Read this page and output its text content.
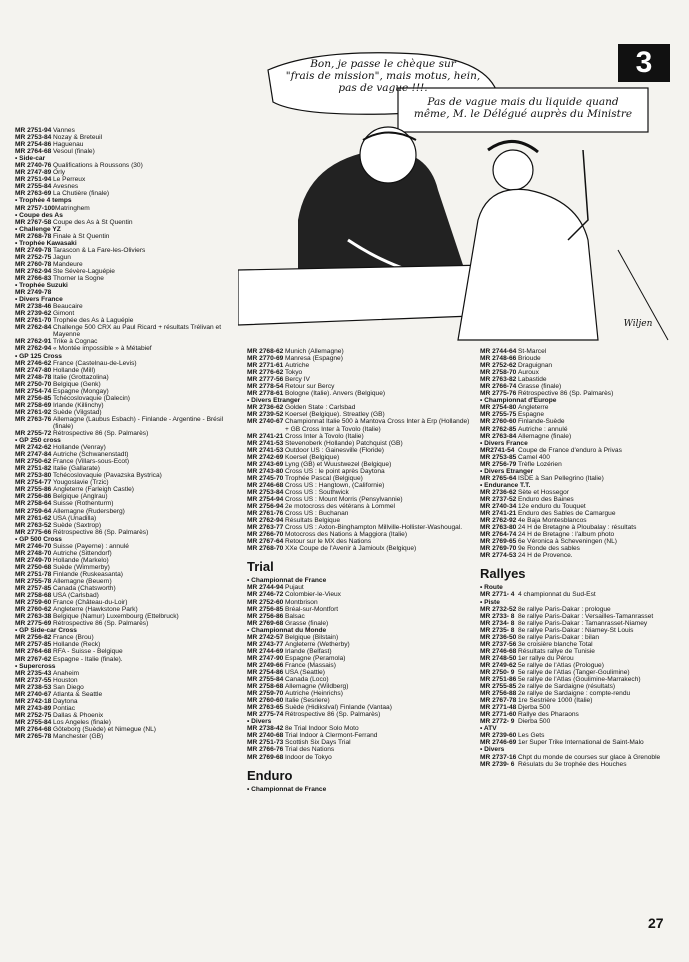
Bon, je passe le chèque sur
"frais de mission", mais motus, hein,
pas de vague !!!.
Pas de vague mais du liquide quand
même, M. le Délégué auprès du Ministre
Wiljen
3
MR 2751-94 Vannes
MR 2753-84 Nozay & Breteuil
MR 2754-86 Haguenau
MR 2764-68 Vesoul (finale)
• Side-car
MR 2740-76 Qualifications à Roussons (30)
MR 2747-89 Orly
MR 2751-94 Le Perreux
MR 2755-84 Avesnes
MR 2763-69 La Chutière (finale)
• Trophée 4 temps
MR 2757-100Matringhem
• Coupe des As
MR 2767-58 Coupe des As à St Quentin
• Challenge YZ
MR 2768-78 Finale à St Quentin
• Trophée Kawasaki
MR 2749-78 Tarascon & La Fare-les-Oliviers
MR 2752-75 Jagun
MR 2760-78 Mandeure
MR 2762-94 Ste Sévère-Laguépie
MR 2766-83 Thorner la Sogne
• Trophée Suzuki
MR 2749-78
• Divers France
MR 2738-46 Beaucaire
MR 2739-62 Gimont
MR 2761-70 Trophée des As à Laguépie
MR 2762-84 Challenge 500 CRX au Paul Ricard + résultats Trélivan et Mayenne
MR 2762-91 Trike à Cognac
MR 2762-94 « Montée impossible » à Métabief
• GP 125 Cross
MR 2746-62 France (Castelnau-de-Levis)
MR 2747-80 Hollande (Mill)
MR 2748-78 Italie (Grottazolina)
MR 2750-70 Belgique (Genk)
MR 2754-74 Espagne (Mongay)
MR 2756-85 Tchécoslovaquie (Dalecin)
MR 2758-69 Irlande (Killinchy)
MR 2761-92 Suède (Vilgstad)
MR 2763-76 Allemagne (Laubus Esbach) - Finlande - Argentine - Brésil (finale)
MR 2755-72 Rétrospective 86 (Sp. Palmarès)
• GP 250 cross
MR 2742-62 Hollande (Venray)
MR 2747-84 Autriche (Schwanenstadt)
MR 2750-62 France (Villars-sous-Ecot)
MR 2751-82 Italie (Gallarate)
MR 2753-80 Tchécoslovaquie (Pavazska Bystrica)
MR 2754-77 Yougoslavie (Trzic)
MR 2755-86 Angleterre (Farleigh Castle)
MR 2756-86 Belgique (Anglrau)
MR 2758-64 Suisse (Rothenturm)
MR 2759-64 Allemagne (Rudersberg)
MR 2761-62 USA (Unadilla)
MR 2763-52 Suède (Saxtrop)
MR 2775-66 Rétrospective 86 (Sp. Palmarès)
• GP 500 Cross
MR 2746-70 Suisse (Payerne) : annulé
MR 2748-70 Autriche (Sittendorf)
MR 2749-70 Hollande (Markelo)
MR 2750-68 Suède (Wimmerby)
MR 2751-78 Finlande (Ruskeasanta)
MR 2755-78 Allemagne (Beuern)
MR 2757-85 Canada (Chatsworth)
MR 2758-68 USA (Carlsbad)
MR 2759-60 France (Château-du-Loir)
MR 2760-62 Angleterre (Hawkstone Park)
MR 2763-38 Belgique (Namur) Luxembourg (Ettelbruck)
MR 2775-69 Rétrospective 86 (Sp. Palmarès)
• GP Side-car Cross
MR 2756-82 France (Brou)
MR 2757-85 Hollande (Reck)
MR 2764-68 RFA - Suisse - Belgique
MR 2767-62 Espagne - Italie (finale).
• Supercross
MR 2735-43 Anaheim
MR 2737-55 Houston
MR 2738-53 San Diego
MR 2740-67 Atlanta & Seattle
MR 2742-18 Daytona
MR 2743-89 Pontiac
MR 2752-75 Dallas & Phoenix
MR 2755-84 Los Angeles (finale)
MR 2764-68 Göteborg (Suède) et Nimegue (NL)
MR 2765-78 Manchester (GB)
MR 2768-62 Munich (Allemagne)
MR 2770-69 Manresa (Espagne)
MR 2771-61 Autriche
MR 2776-62 Tokyo
MR 2777-56 Bercy IV
MR 2778-54 Retour sur Bercy
MR 2778-61 Bologne (Italie). Anvers (Belgique)
• Divers Etranger
MR 2736-62 Golden State : Carlsbad
MR 2739-52 Koersel (Belgique). Streatley (GB)
MR 2740-67 Championnat Italie 500 à Mantova Cross Inter à Erp (Hollande) + GB Cross Inter à Tovolo (Italie)
MR 2741-21 Cross Inter à Tovolo (Italie)
MR 2741-53 Stevenoberk (Hollande) Patchquist (GB)
MR 2741-53 Outdoor US : Gainesville (Floride)
MR 2742-69 Koersel (Belgique)
MR 2743-69 Lyng (GB) et Wuustwezel (Belgique)
MR 2743-80 Cross US : le point après Daytona
MR 2745-70 Trophée Pascal (Belgique)
MR 2746-68 Cross US : Hangtown, (Californie)
MR 2753-84 Cross US : Southwick
MR 2754-94 Cross US : Mount Morris (Pensylvannie)
MR 2756-94 2e motocross des vétérans à Lommel
MR 2761-76 Cross US : Buchanan
MR 2762-94 Résultats Belgique
MR 2763-77 Cross US : Axton-Binghampton Millville-Hollister-Washougal.
MR 2766-70 Motocross des Nations à Maggiora (Italie)
MR 2767-64 Retour sur le MX des Nations
MR 2768-70 XXe Coupe de l'Avenir à Jamioulx (Belgique)
Trial
• Championnat de France
MR 2744-94 Pujaut
MR 2746-72 Colombier-le-Vieux
MR 2752-60 Montbrison
MR 2756-85 Bréal-sur-Montfort
MR 2756-86 Balsac
MR 2769-68 Grasse (finale)
• Championnat du Monde
MR 2742-57 Belgique (Bilstain)
MR 2743-77 Angleterre (Wetherby)
MR 2744-69 Irlande (Belfast)
MR 2747-90 Espagne (Peramola)
MR 2749-66 France (Massais)
MR 2754-86 USA (Seattle)
MR 2755-84 Canada (Loco)
MR 2758-68 Allemagne (Wildberg)
MR 2759-70 Autriche (Heinrichs)
MR 2760-60 Italie (Sesriere)
MR 2763-65 Suède (Hidikslval) Finlande (Vantaa)
MR 2775-74 Rétrospective 86 (Sp. Palmarès)
• Divers
MR 2738-42 8e Trial Indoor Solo Moto
MR 2740-68 Trial Indoor à Clermont-Ferrand
MR 2751-73 Scottish Six Days Trial
MR 2766-76 Trial des Nations
MR 2769-68 Indoor de Tokyo
Enduro
• Championnat de France
MR 2744-64 St-Marcel
MR 2748-66 Brioude
MR 2752-62 Draguignan
MR 2758-70 Auroux
MR 2763-82 Labastide
MR 2766-74 Grasse (finale)
MR 2775-76 Rétrospective 86 (Sp. Palmarès)
• Championnat d'Europe
MR 2754-80 Angleterre
MR 2755-75 Espagne
MR 2760-60 Finlande-Suède
MR 2762-85 Autriche : annulé
MR 2763-84 Allemagne (finale)
• Divers France
MR2741-54 Coupe de France d'enduro à Privas
MR 2753-85 Camel 400
MR 2756-79 Trèfle Lozérien
• Divers Etranger
MR 2765-64 ISDE à San Pellegrino (Italie)
• Endurance T.T.
MR 2736-62 Sète et Hossegor
MR 2737-52 Enduro des Baines
MR 2740-34 12e enduro du Touquet
MR 2741-21 Enduro des Sables de Camargue
MR 2762-92 4e Baja Montesblancos
MR 2763-80 24 H de Bretagne à Ploubalay : résultats
MR 2764-74 24 H de Bretagne : l'album photo
MR 2769-65 6e Véronica à Scheveningen (NL)
MR 2769-70 9e Ronde des sables
MR 2774-53 24 H de Provence.
Rallyes
• Route
MR 2771- 4 4 championnat du Sud-Est
• Piste
MR 2732-52 8e rallye Paris-Dakar : prologue
MR 2733- 8 8e rallye Paris-Dakar : Versailles-Tamanrasset
MR 2734- 8 8e rallye Paris-Dakar : Tamanrasset-Niamey
MR 2735- 8 8e rallye Paris-Dakar : Niamey-St Louis
MR 2736-50 8e rallye Paris-Dakar : bilan
MR 2737-56 3e croisière blanche Total
MR 2746-68 Résultats rallye de Tunisie
MR 2748-50 1er rallye du Pérou
MR 2749-62 5e rallye de l'Atlas (Prologue)
MR 2750- 9 5e rallye de l'Atlas (Tanger-Goulimine)
MR 2751-86 5e rallye de l'Atlas (Goulimine-Marrakech)
MR 2755-85 2e rallye de Sardaigne (résultats)
MR 2756-88 2e rallye de Sardaigne : compte-rendu
MR 2767-78 1re Sestrière 1000 (Italie)
MR 2771-48 Djerba 500
MR 2771-60 Rallye des Pharaons
MR 2772- 9 Dierba 500
• ATV
MR 2739-60 Les Gets
MR 2746-69 1er Super Trike International de Saint-Malo
• Divers
MR 2737-16 Chpt du monde de courses sur glace à Grenoble
MR 2739- 6 Résulats du 3e trophée des Houches
27
